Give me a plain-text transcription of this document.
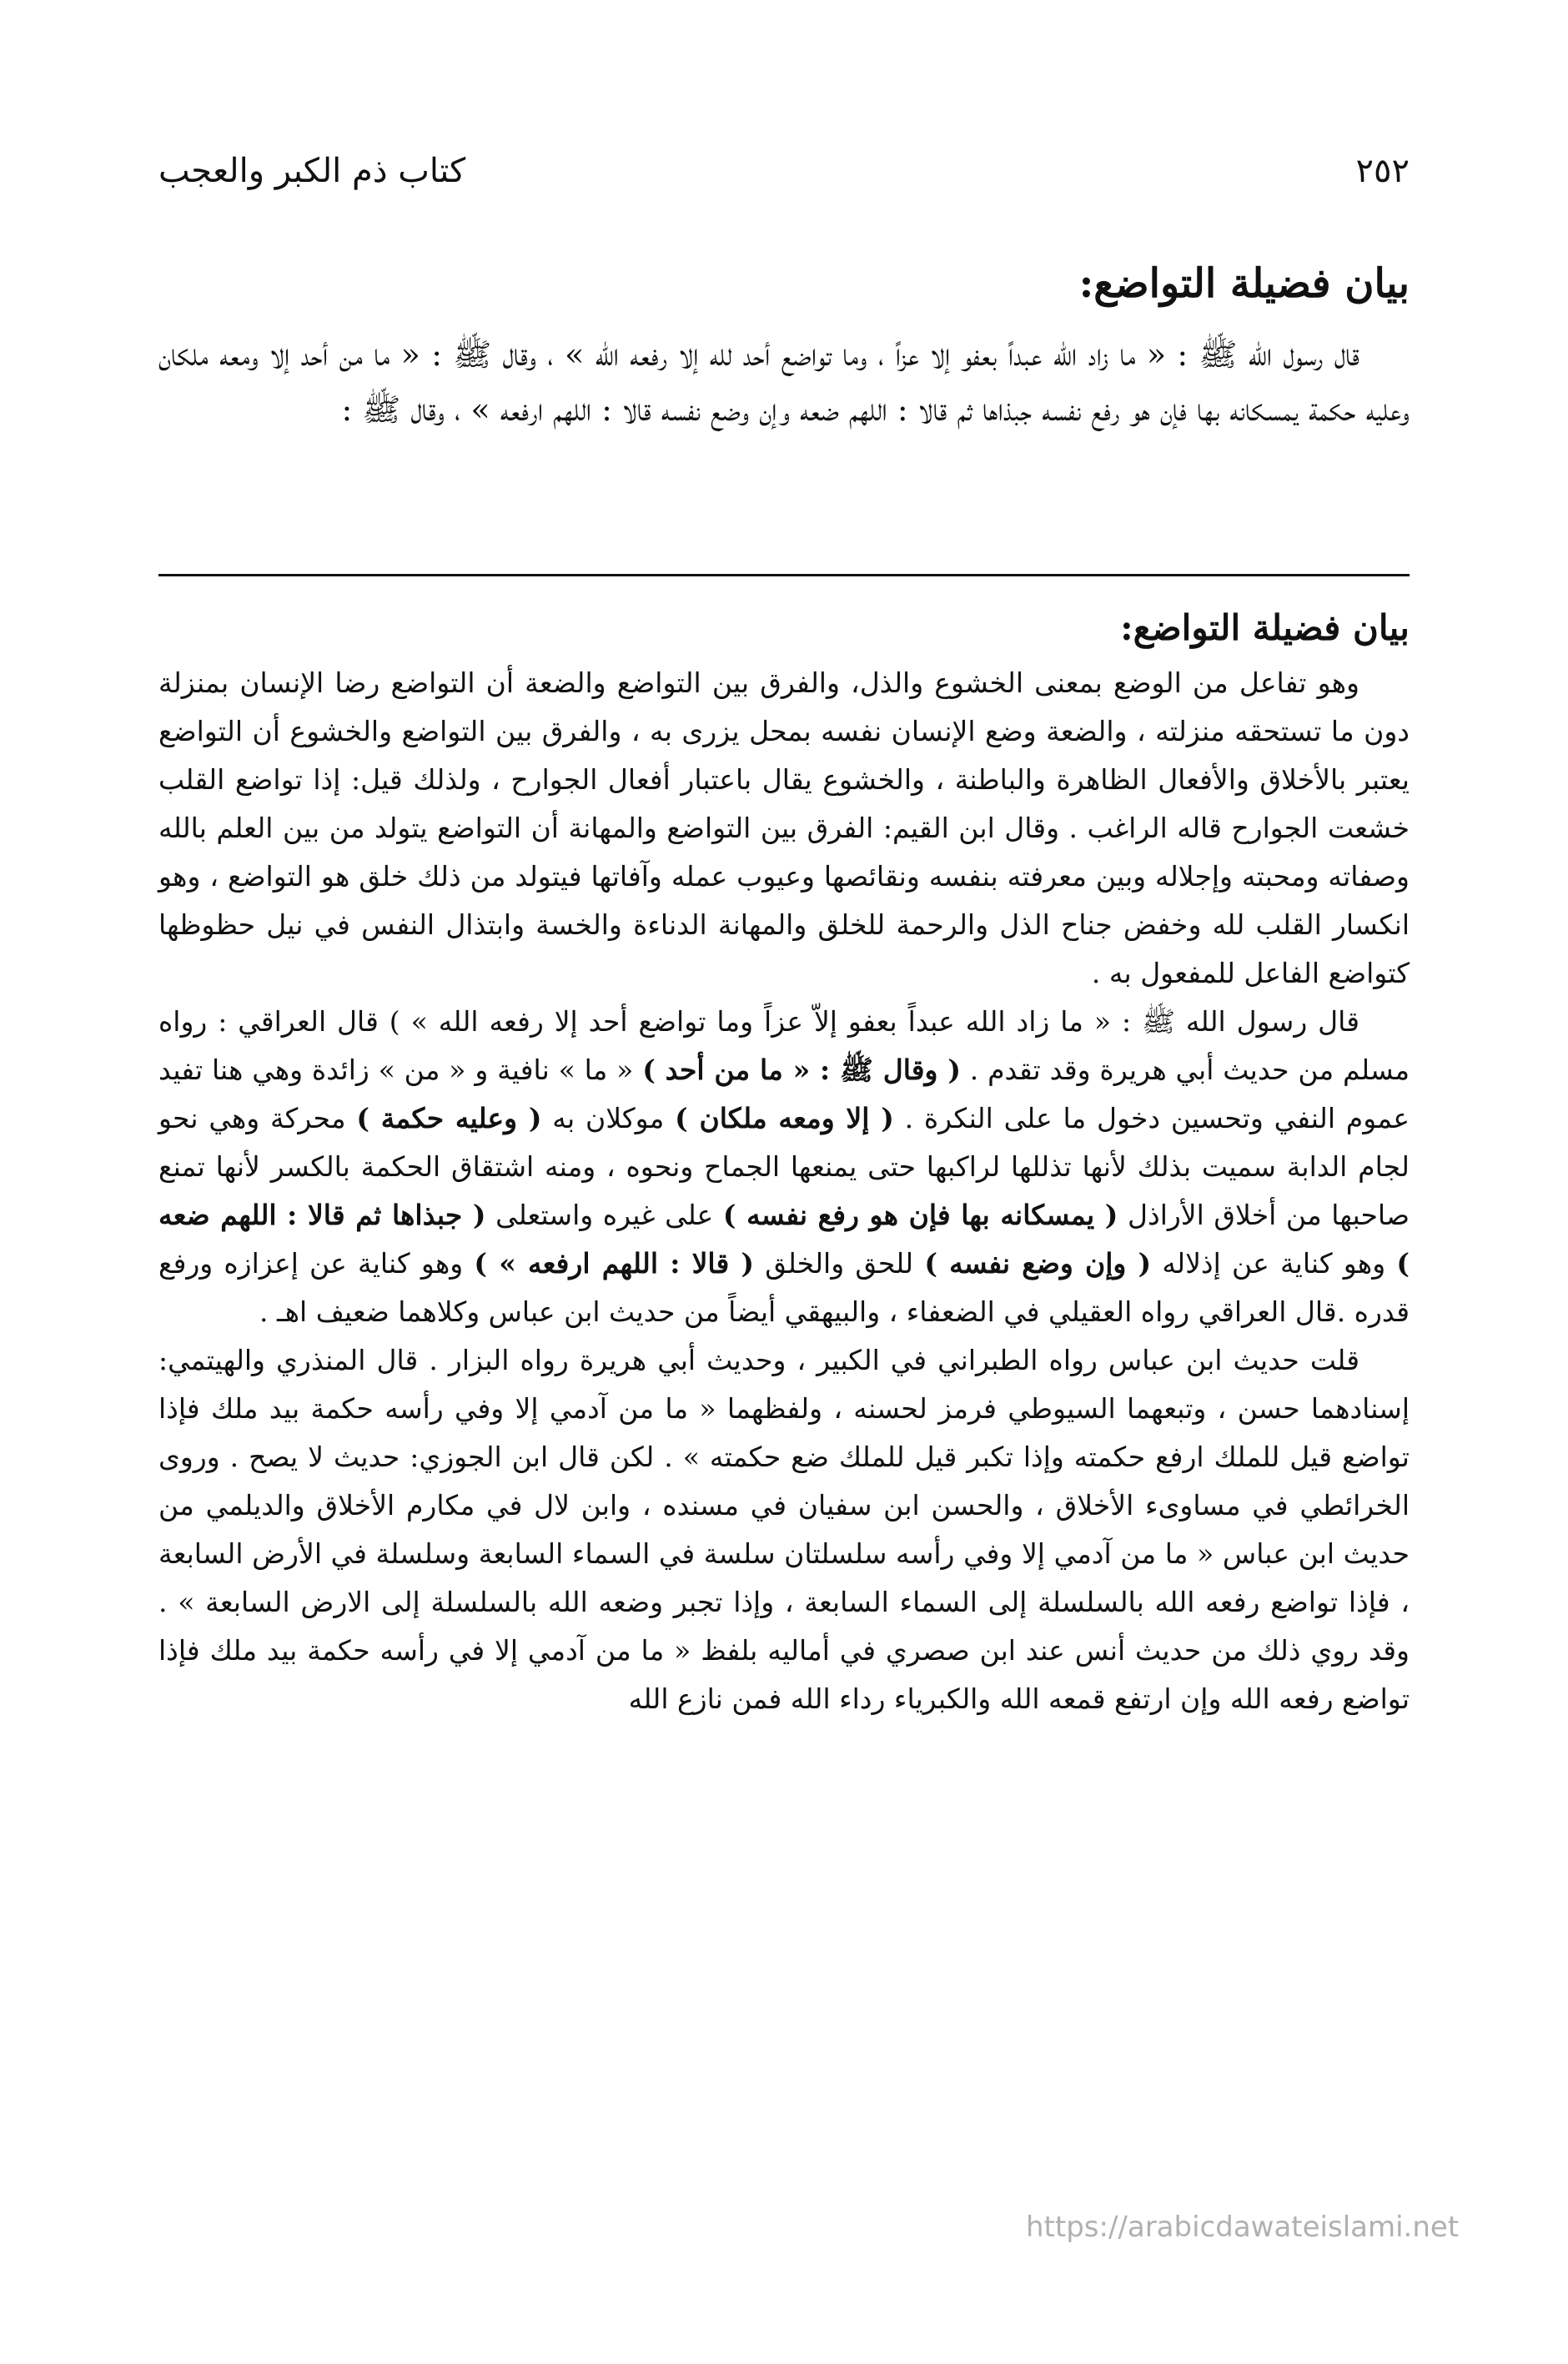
٢٥٢
كتاب ذم الكبر والعجب
بيان فضيلة التواضع:

قال رسول الله ﷺ : « ما زاد الله عبداً بعفو إلا عزاً ، وما تواضع أحد لله إلا رفعه الله » ، وقال ﷺ : « ما من أحد إلا ومعه ملكان وعليه حكمة يمسكانه بها فإن هو رفع نفسه جبذاها ثم قالا : اللهم ضعه وإن وضع نفسه قالا : اللهم ارفعه » ، وقال ﷺ :

بيان فضيلة التواضع:

وهو تفاعل من الوضع بمعنى الخشوع والذل، والفرق بين التواضع والضعة أن التواضع رضا الإنسان بمنزلة دون ما تستحقه منزلته ، والضعة وضع الإنسان نفسه بمحل يزرى به ، والفرق بين التواضع والخشوع أن التواضع يعتبر بالأخلاق والأفعال الظاهرة والباطنة ، والخشوع يقال باعتبار أفعال الجوارح ، ولذلك قيل: إذا تواضع القلب خشعت الجوارح قاله الراغب . وقال ابن القيم: الفرق بين التواضع والمهانة أن التواضع يتولد من بين العلم بالله وصفاته ومحبته وإجلاله وبين معرفته بنفسه ونقائصها وعيوب عمله وآفاتها فيتولد من ذلك خلق هو التواضع ، وهو انكسار القلب لله وخفض جناح الذل والرحمة للخلق والمهانة الدناءة والخسة وابتذال النفس في نيل حظوظها كتواضع الفاعل للمفعول به .

قال رسول الله ﷺ : « ما زاد الله عبداً بعفو إلاّ عزاً وما تواضع أحد إلا رفعه الله » ) قال العراقي : رواه مسلم من حديث أبي هريرة وقد تقدم . ( وقال ﷺ : « ما من أحد ) « ما » نافية و « من » زائدة وهي هنا تفيد عموم النفي وتحسين دخول ما على النكرة . ( إلا ومعه ملكان ) موكلان به ( وعليه حكمة ) محركة وهي نحو لجام الدابة سميت بذلك لأنها تذللها لراكبها حتى يمنعها الجماح ونحوه ، ومنه اشتقاق الحكمة بالكسر لأنها تمنع صاحبها من أخلاق الأراذل ( يمسكانه بها فإن هو رفع نفسه ) على غيره واستعلى ( جبذاها ثم قالا : اللهم ضعه ) وهو كناية عن إذلاله ( وإن وضع نفسه ) للحق والخلق ( قالا : اللهم ارفعه » ) وهو كناية عن إعزازه ورفع قدره .قال العراقي رواه العقيلي في الضعفاء ، والبيهقي أيضاً من حديث ابن عباس وكلاهما ضعيف اهـ .

قلت حديث ابن عباس رواه الطبراني في الكبير ، وحديث أبي هريرة رواه البزار . قال المنذري والهيتمي: إسنادهما حسن ، وتبعهما السيوطي فرمز لحسنه ، ولفظهما « ما من آدمي إلا وفي رأسه حكمة بيد ملك فإذا تواضع قيل للملك ارفع حكمته وإذا تكبر قيل للملك ضع حكمته » . لكن قال ابن الجوزي: حديث لا يصح . وروى الخرائطي في مساوىء الأخلاق ، والحسن ابن سفيان في مسنده ، وابن لال في مكارم الأخلاق والديلمي من حديث ابن عباس « ما من آدمي إلا وفي رأسه سلسلتان سلسة في السماء السابعة وسلسلة في الأرض السابعة ، فإذا تواضع رفعه الله بالسلسلة إلى السماء السابعة ، وإذا تجبر وضعه الله بالسلسلة إلى الارض السابعة » . وقد روي ذلك من حديث أنس عند ابن صصري في أماليه بلفظ « ما من آدمي إلا في رأسه حكمة بيد ملك فإذا تواضع رفعه الله وإن ارتفع قمعه الله والكبرياء رداء الله فمن نازع الله

https://arabicdawateislami.net
